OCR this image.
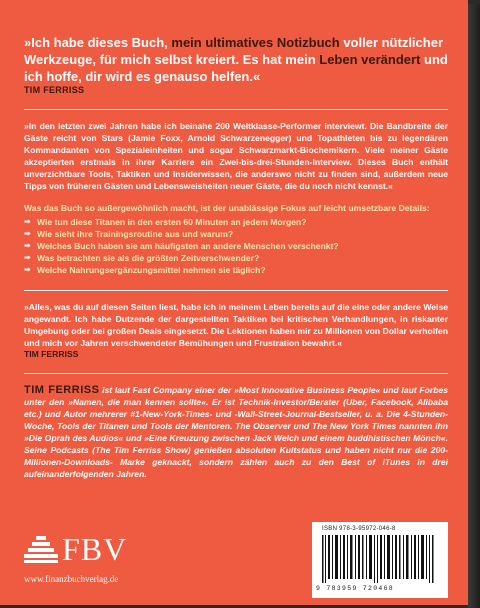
»Ich habe dieses Buch, mein ultimatives Notizbuch voller nützlicher Werkzeuge, für mich selbst kreiert. Es hat mein Leben verändert und ich hoffe, dir wird es genauso helfen.«
TIM FERRISS
»In den letzten zwei Jahren habe ich beinahe 200 Weltklasse-Performer interviewt. Die Bandbreite der Gäste reicht von Stars (Jamie Foxx, Arnold Schwarzenegger) und Topathleten bis zu legendären Kommandanten von Spezialeinheiten und sogar Schwarzmarkt-Biochemikern. Viele meiner Gäste akzeptierten erstmals in ihrer Karriere ein Zwei-bis-drei-Stunden-Interview. Dieses Buch enthält unverzichtbare Tools, Taktiken und Insiderwissen, die anderswo nicht zu finden sind, außerdem neue Tipps von früheren Gästen und Lebensweisheiten neuer Gäste, die du noch nicht kennst.«
Was das Buch so außergewöhnlich macht, ist der unablässige Fokus auf leicht umsetzbare Details:
➡ Wie tun diese Titanen in den ersten 60 Minuten an jedem Morgen?
➡ Wie sieht ihre Trainingsroutine aus und warum?
➡ Welches Buch haben sie am häufigsten an andere Menschen verschenkt?
➡ Was betrachten sie als die größten Zeitverschwender?
➡ Welche Nahrungsergänzungsmittel nehmen sie täglich?
»Alles, was du auf diesen Seiten liest, habe ich in meinem Leben bereits auf die eine oder andere Weise angewandt. Ich habe Dutzende der dargestellten Taktiken bei kritischen Verhandlungen, in riskanter Umgebung oder bei großen Deals eingesetzt. Die Lektionen haben mir zu Millionen von Dollar verholfen und mich vor Jahren verschwendeter Bemühungen und Frustration bewahrt.«
TIM FERRISS
TIM FERRISS ist laut Fast Company einer der »Most Innovative Business People« und laut Forbes unter den »Namen, die man kennen sollte«. Er ist Technik-Investor/Berater (Uber, Facebook, Alibaba etc.) und Autor mehrerer #1-New-York-Times- und -Wall-Street-Journal-Bestseller, u. a. Die 4-Stunden-Woche, Tools der Titanen und Tools der Mentoren. The Observer und The New York Times nannten ihn »Die Oprah des Audios« und »Eine Kreuzung zwischen Jack Welch und einem buddhistischen Mönch«. Seine Podcasts (The Tim Ferriss Show) genießen absoluten Kultstatus und haben nicht nur die 200-Millionen-Downloads- Marke geknackt, sondern zählen auch zu den Best of iTunes in drei aufeinanderfolgenden Jahren.
FBV
www.finanzbuchverlag.de
ISBN 978-3-95972-046-8
9 783959 720468
